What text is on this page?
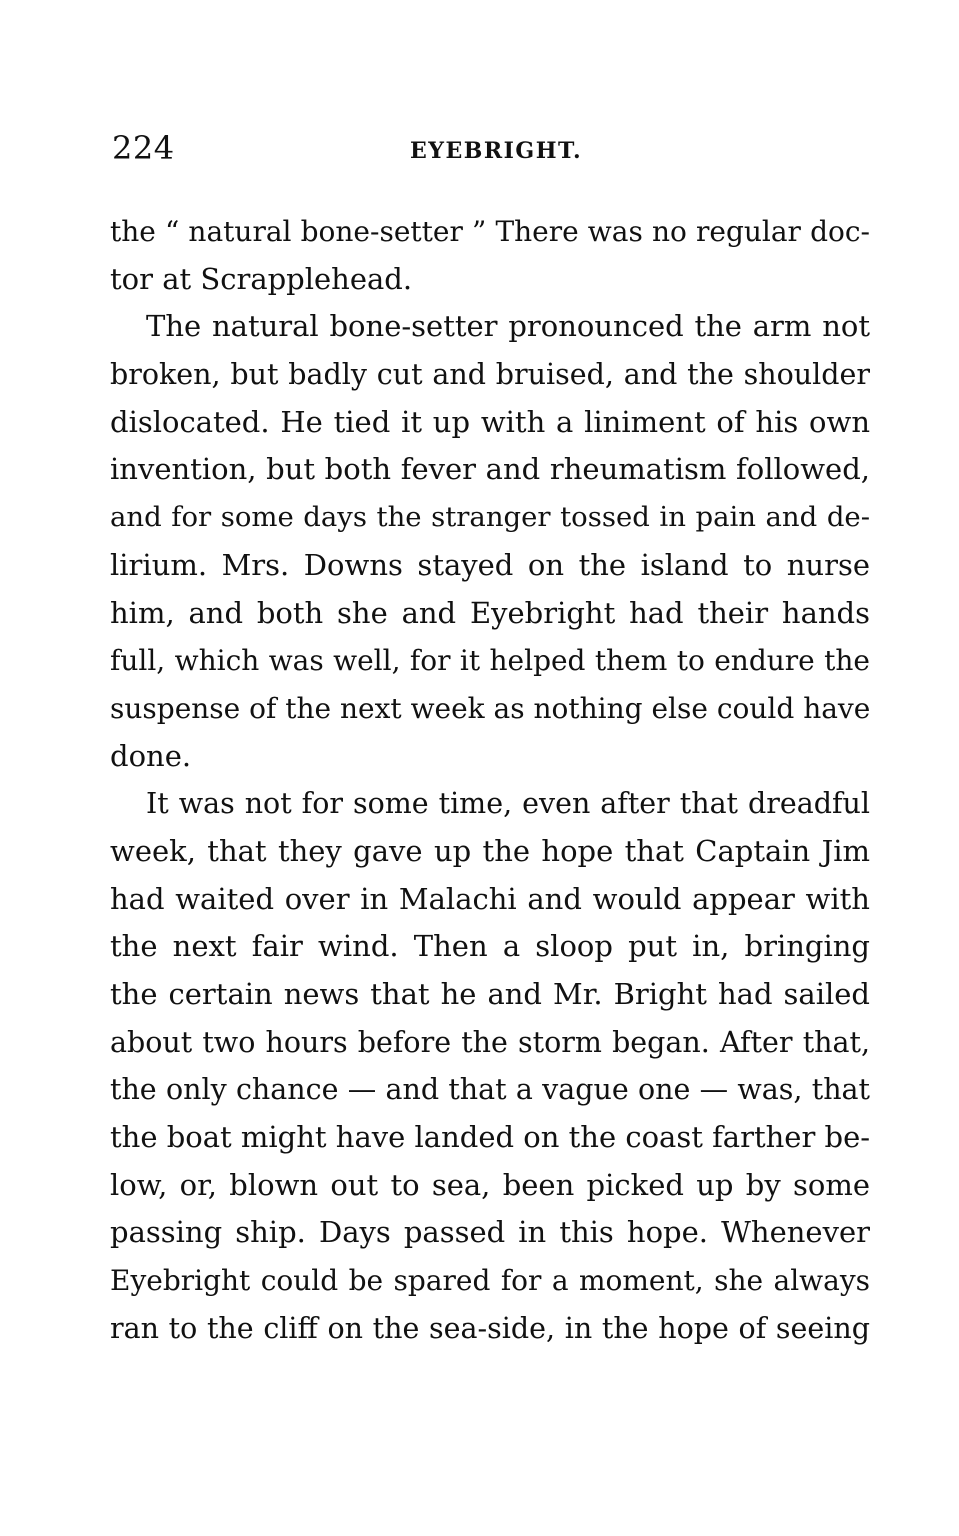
224	EYEBRIGHT.
the “ natural bone-setter ” There was no regular doc-
tor at Scrapplehead.
The natural bone-setter pronounced the arm not
broken, but badly cut and bruised, and the shoulder
dislocated. He tied it up with a liniment of his own
invention, but both fever and rheumatism followed,
and for some days the stranger tossed in pain and de-
lirium. Mrs. Downs stayed on the island to nurse
him, and both she and Eyebright had their hands
full, which was well, for it helped them to endure the
suspense of the next week as nothing else could have
done.
It was not for some time, even after that dreadful
week, that they gave up the hope that Captain Jim
had waited over in Malachi and would appear with
the next fair wind. Then a sloop put in, bringing
the certain news that he and Mr. Bright had sailed
about two hours before the storm began. After that,
the only chance — and that a vague one — was, that
the boat might have landed on the coast farther be-
low, or, blown out to sea, been picked up by some
passing ship. Days passed in this hope. Whenever
Eyebright could be spared for a moment, she always
ran to the cliff on the sea-side, in the hope of seeing
